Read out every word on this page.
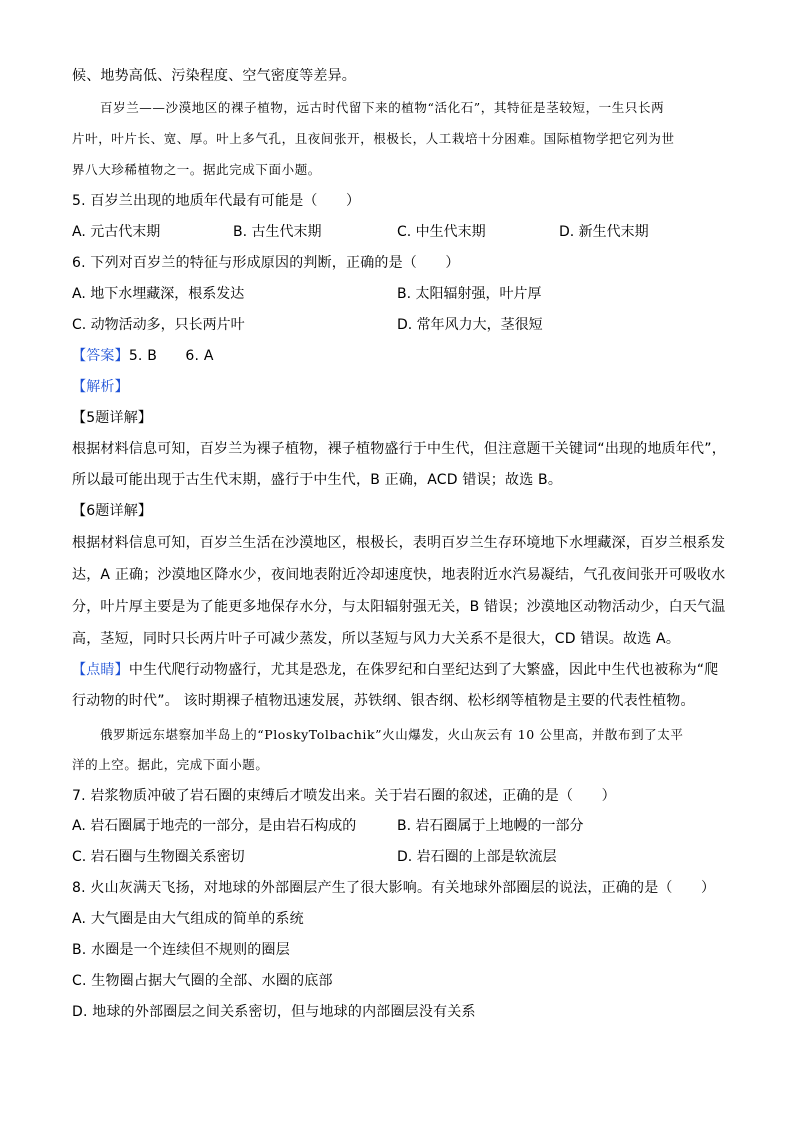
候、地势高低、污染程度、空气密度等差异。
百岁兰——沙漠地区的裸子植物，远古时代留下来的植物“活化石”，其特征是茎较短，一生只长两
片叶，叶片长、宽、厚。叶上多气孔，且夜间张开，根极长，人工栽培十分困难。国际植物学把它列为世
界八大珍稀植物之一。据此完成下面小题。
5. 百岁兰出现的地质年代最有可能是（　　）
A. 元古代末期	B. 古生代末期	C. 中生代末期	D. 新生代末期
6. 下列对百岁兰的特征与形成原因的判断，正确的是（　　）
A. 地下水埋藏深，根系发达	B. 太阳辐射强，叶片厚
C. 动物活动多，只长两片叶	D. 常年风力大，茎很短
【答案】5. B　　6. A
【解析】
【5题详解】
根据材料信息可知，百岁兰为裸子植物，裸子植物盛行于中生代，但注意题干关键词“出现的地质年代”，
所以最可能出现于古生代末期，盛行于中生代，B 正确，ACD 错误；故选 B。
【6题详解】
根据材料信息可知，百岁兰生活在沙漠地区，根极长，表明百岁兰生存环境地下水埋藏深，百岁兰根系发
达，A 正确；沙漠地区降水少，夜间地表附近冷却速度快，地表附近水汽易凝结，气孔夜间张开可吸收水
分，叶片厚主要是为了能更多地保存水分，与太阳辐射强无关，B 错误；沙漠地区动物活动少，白天气温
高，茎短，同时只长两片叶子可减少蒸发，所以茎短与风力大关系不是很大，CD 错误。故选 A。
【点睛】中生代爬行动物盛行，尤其是恐龙，在侏罗纪和白垩纪达到了大繁盛，因此中生代也被称为“爬
行动物的时代”。 该时期裸子植物迅速发展，苏铁纲、银杏纲、松杉纲等植物是主要的代表性植物。
俄罗斯远东堪察加半岛上的“PloskyTolbachik”火山爆发，火山灰云有 10 公里高，并散布到了太平
洋的上空。据此，完成下面小题。
7. 岩浆物质冲破了岩石圈的束缚后才喷发出来。关于岩石圈的叙述，正确的是（　　）
A. 岩石圈属于地壳的一部分，是由岩石构成的	B. 岩石圈属于上地幔的一部分
C. 岩石圈与生物圈关系密切	D. 岩石圈的上部是软流层
8. 火山灰满天飞扬，对地球的外部圈层产生了很大影响。有关地球外部圈层的说法，正确的是（　　）
A. 大气圈是由大气组成的简单的系统
B. 水圈是一个连续但不规则的圈层
C. 生物圈占据大气圈的全部、水圈的底部
D. 地球的外部圈层之间关系密切，但与地球的内部圈层没有关系
